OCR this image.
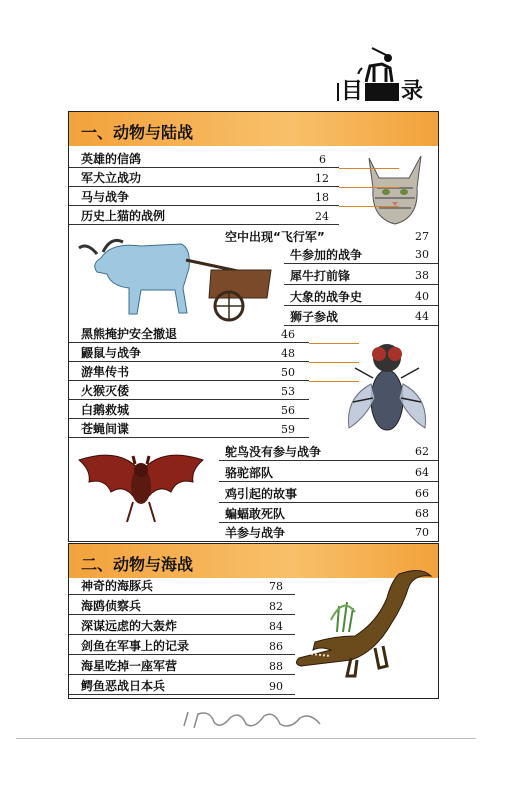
目 录
一、动物与陆战
英雄的信鸽	6
军犬立战功	12
马与战争	18
历史上猫的战例	24
空中出现“飞行军”	27
牛参加的战争	30
犀牛打前锋	38
大象的战争史	40
狮子参战	44
黑熊掩护安全撤退	46
鼹鼠与战争	48
游隼传书	50
火猴灭倭	53
白鹅救城	56
苍蝇间谍	59
鸵鸟没有参与战争	62
骆驼部队	64
鸡引起的故事	66
蝙蝠敢死队	68
羊参与战争	70
二、动物与海战
神奇的海豚兵	78
海鸥侦察兵	82
深谋远虑的大轰炸	84
剑鱼在军事上的记录	86
海星吃掉一座军营	88
鳄鱼恶战日本兵	90
